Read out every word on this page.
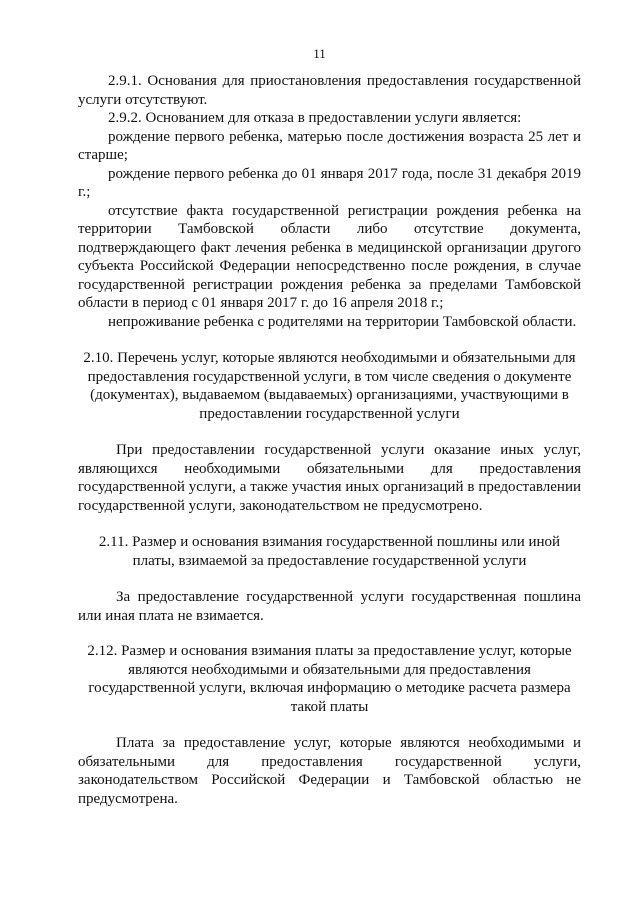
11

2.9.1. Основания для приостановления предоставления государственной услуги отсутствуют.

2.9.2. Основанием для отказа в предоставлении услуги является:

рождение первого ребенка, матерью после достижения возраста 25 лет и старше;

рождение первого ребенка до 01 января 2017 года, после 31 декабря 2019 г.;

отсутствие факта государственной регистрации рождения ребенка на территории Тамбовской области либо отсутствие документа, подтверждающего факт лечения ребенка в медицинской организации другого субъекта Российской Федерации непосредственно после рождения, в случае государственной регистрации рождения ребенка за пределами Тамбовской области в период с 01 января 2017 г. до 16 апреля 2018 г.;

непроживание ребенка с родителями на территории Тамбовской области.

2.10. Перечень услуг, которые являются необходимыми и обязательными для предоставления государственной услуги, в том числе сведения о документе (документах), выдаваемом (выдаваемых) организациями, участвующими в предоставлении государственной услуги

При предоставлении государственной услуги оказание иных услуг, являющихся необходимыми обязательными для предоставления государственной услуги, а также участия иных организаций в предоставлении государственной услуги, законодательством не предусмотрено.

2.11. Размер и основания взимания государственной пошлины или иной платы, взимаемой за предоставление государственной услуги

За предоставление государственной услуги государственная пошлина или иная плата не взимается.

2.12. Размер и основания взимания платы за предоставление услуг, которые являются необходимыми и обязательными для предоставления государственной услуги, включая информацию о методике расчета размера такой платы

Плата за предоставление услуг, которые являются необходимыми и обязательными для предоставления государственной услуги, законодательством Российской Федерации и Тамбовской областью не предусмотрена.
